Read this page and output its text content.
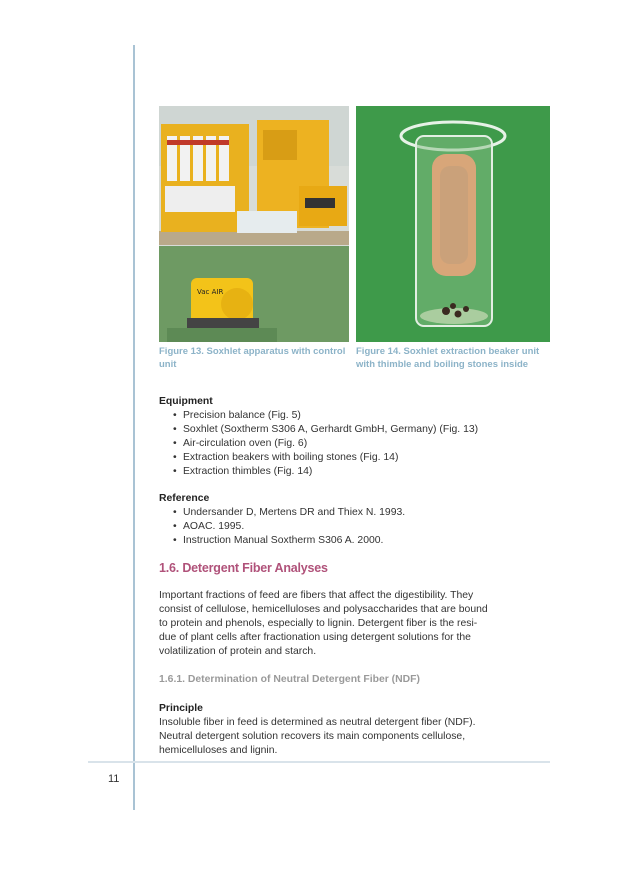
Vac AIR
Figure 13. Soxhlet apparatus with control unit
Figure 14. Soxhlet extraction beaker unit with thimble and boiling stones inside

Equipment

• Precision balance (Fig. 5)
• Soxhlet (Soxtherm S306 A, Gerhardt GmbH, Germany) (Fig. 13)
• Air-circulation oven (Fig. 6)
• Extraction beakers with boiling stones (Fig. 14)
• Extraction thimbles (Fig. 14)

Reference

• Undersander D, Mertens DR and Thiex N. 1993.
• AOAC. 1995.
• Instruction Manual Soxtherm S306 A. 2000.
1.6. Detergent Fiber Analyses
Important fractions of feed are fibers that affect the digestibility. They
consist of cellulose, hemicelluloses and polysaccharides that are bound
to protein and phenols, especially to lignin. Detergent fiber is the resi-
due of plant cells after fractionation using detergent solutions for the
volatilization of protein and starch.
1.6.1. Determination of Neutral Detergent Fiber (NDF)

Principle

Insoluble fiber in feed is determined as neutral detergent fiber (NDF).
Neutral detergent solution recovers its main components cellulose,
hemicelluloses and lignin.
11
